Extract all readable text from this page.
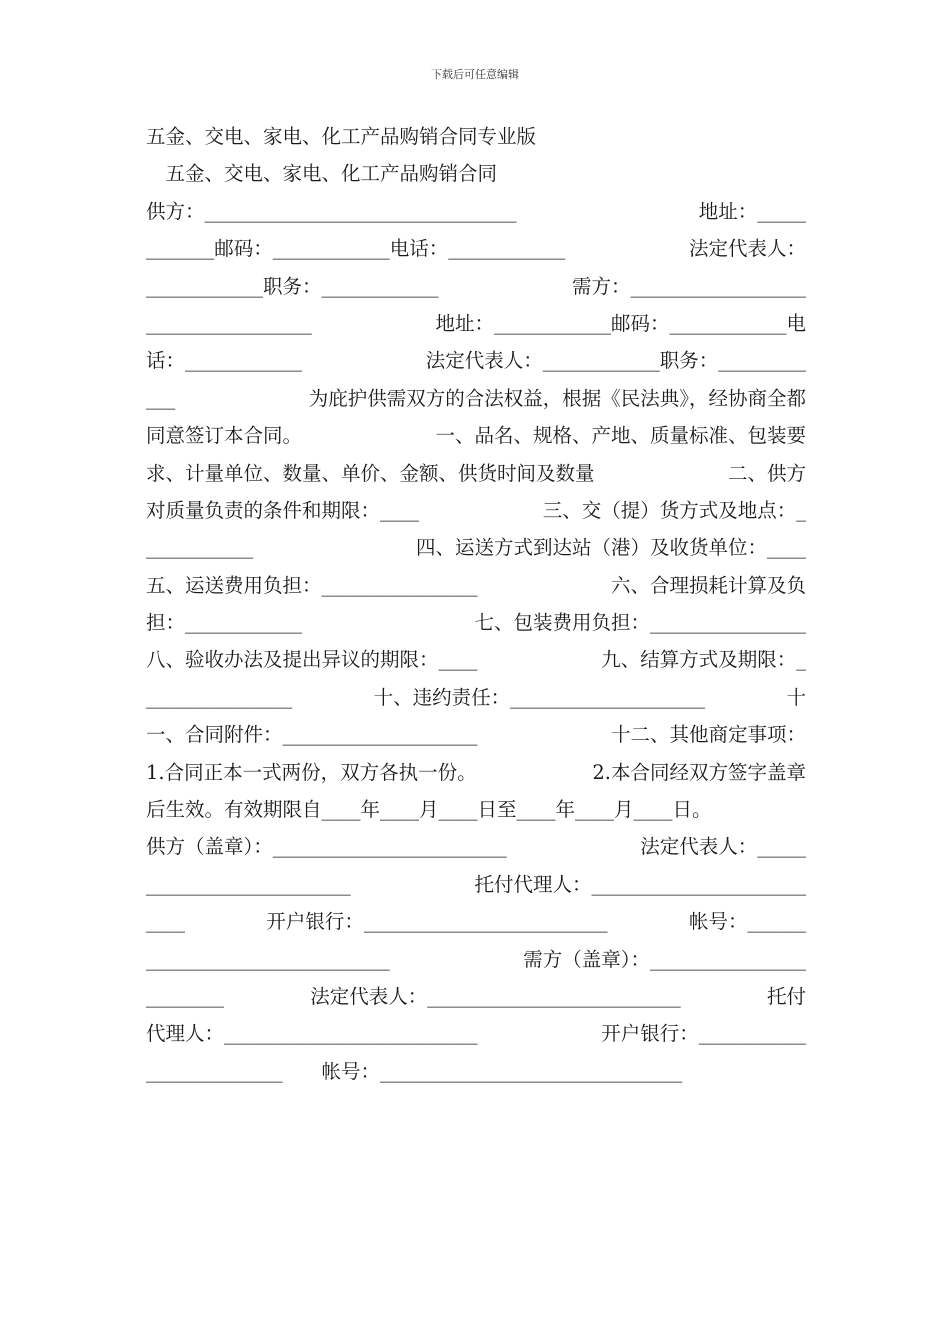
下载后可任意编辑
五金、交电、家电、化工产品购销合同专业版
　五金、交电、家电、化工产品购销合同
供方：________________________________	地址：_____
_______邮码：____________电话：____________	法定代表人：
____________职务：____________	需方：__________________
_________________	地址：____________邮码：____________电
话：____________	法定代表人：____________职务：_________
___	为庇护供需双方的合法权益，根据《民法典》，经协商全都
同意签订本合同。	一、品名、规格、产地、质量标准、包装要
求、计量单位、数量、单价、金额、供货时间及数量	二、供方
对质量负责的条件和期限：____	三、交（提）货方式及地点：_
___________	四、运送方式到达站（港）及收货单位：____
五、运送费用负担：________________	六、合理损耗计算及负
担：____________	七、包装费用负担：________________
八、验收办法及提出异议的期限：____	九、结算方式及期限：_
_______________	十、违约责任：____________________	十
一、合同附件：____________________	十二、其他商定事项：
1.合同正本一式两份，双方各执一份。	2.本合同经双方签字盖章
后生效。有效期限自____年____月____日至____年____月____日。
供方（盖章）：________________________	法定代表人：_____
_____________________	托付代理人：______________________
____	开户银行：_________________________	帐号：______
_________________________	需方（盖章）：________________
________	法定代表人：__________________________	托付
代理人：__________________________	开户银行：___________
______________　　帐号：_______________________________
